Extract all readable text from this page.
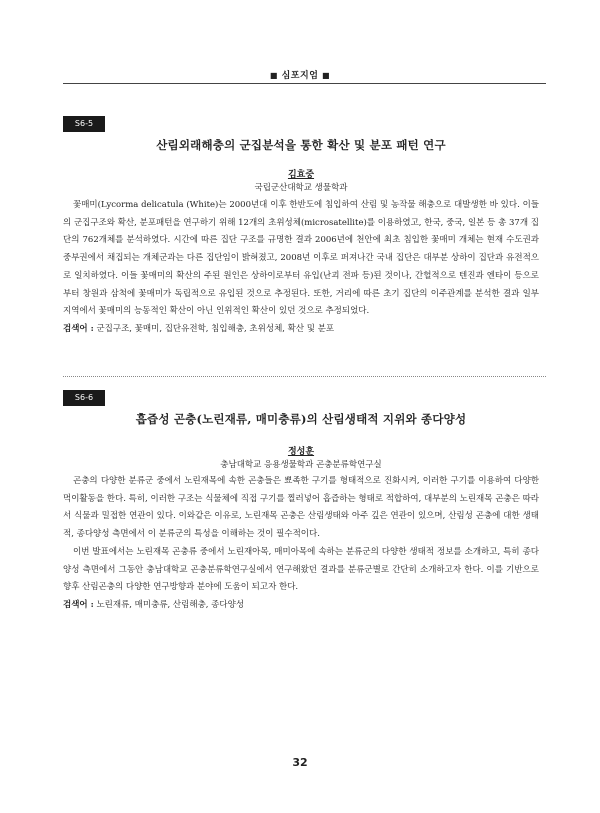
■ 심포지엄 ■
S6-5
산림외래해충의 군집분석을 통한 확산 및 분포 패턴 연구
김효중
국립군산대학교 생물학과

꽃매미(Lycorma delicatula (White)는 2000년대 이후 한반도에 침입하여 산림 및 농작물 해충으로 대발생한 바 있다. 이들의 군집구조와 확산, 분포패턴을 연구하기 위해 12개의 초위성체(microsatellite)를 이용하였고, 한국, 중국, 일본 등 총 37개 집단의 762개체를 분석하였다. 시간에 따른 집단 구조를 규명한 결과 2006년에 천안에 최초 침입한 꽃매미 개체는 현재 수도권과 중부권에서 채집되는 개체군과는 다른 집단임이 밝혀졌고, 2008년 이후로 퍼져나간 국내 집단은 대부분 상하이 집단과 유전적으로 일치하였다. 이들 꽃매미의 확산의 주된 원인은 상하이로부터 유입(난괴 전파 등)된 것이나, 간헐적으로 텐진과 엔타이 등으로부터 창원과 삼척에 꽃매미가 독립적으로 유입된 것으로 추정된다. 또한, 거리에 따른 초기 집단의 이주관계를 분석한 결과 일부 지역에서 꽃매미의 능동적인 확산이 아닌 인위적인 확산이 있던 것으로 추정되었다.

검색어 : 군집구조, 꽃매미, 집단유전학, 침입해충, 초위성체, 확산 및 분포
S6-6
흡즙성 곤충(노린재류, 매미충류)의 산림생태적 지위와 종다양성
정성훈
충남대학교 응용생물학과 곤충분류학연구실

곤충의 다양한 분류군 중에서 노린재목에 속한 곤충들은 뾰족한 구기를 형태적으로 진화시켜, 이러한 구기를 이용하여 다양한 먹이활동을 한다. 특히, 이러한 구조는 식물체에 직접 구기를 찔러넣어 흡즙하는 형태로 적합하여, 대부분의 노린재목 곤충은 따라서 식물과 밀접한 연관이 있다. 이와같은 이유로, 노린재목 곤충은 산림생태와 아주 깊은 연관이 있으며, 산림성 곤충에 대한 생태적, 종다양성 측면에서 이 분류군의 특성을 이해하는 것이 필수적이다.

이번 발표에서는 노린재목 곤충류 중에서 노린재아목, 매미아목에 속하는 분류군의 다양한 생태적 정보를 소개하고, 특히 종다양성 측면에서 그동안 충남대학교 곤충분류학연구실에서 연구해왔던 결과를 분류군별로 간단히 소개하고자 한다. 이를 기반으로 향후 산림곤충의 다양한 연구방향과 분야에 도움이 되고자 한다.

검색어 : 노린재류, 매미충류, 산림해충, 종다양성
32
